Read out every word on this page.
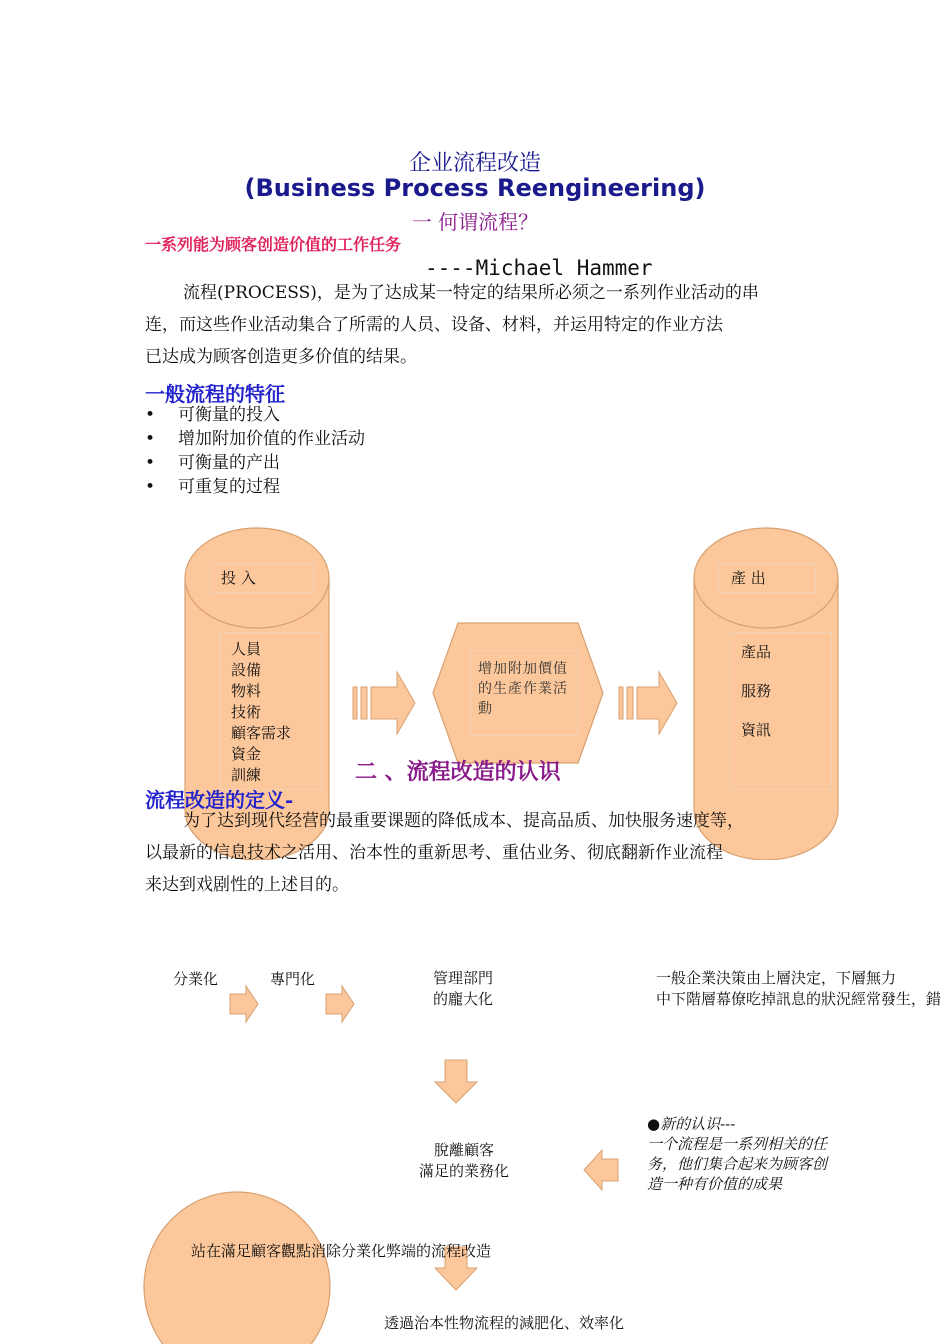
企业流程改造
(Business Process Reengineering)
一 何谓流程？
一系列能为顾客创造价值的工作任务
----Michael Hammer
流程(PROCESS)，是为了达成某一特定的结果所必须之一系列作业活动的串
连，而这些作业活动集合了所需的人员、设备、材料，并运用特定的作业方法
已达成为顾客创造更多价值的结果。
一般流程的特征
• 可衡量的投入
• 增加附加价值的作业活动
• 可衡量的产出
• 可重复的过程
投 入
人員
設備
物料
技術
顧客需求
資金
訓練
增加附加價值的生產作業活動
產 出
產品
服務
資訊
二 、流程改造的认识
流程改造的定义-
为了达到现代经营的最重要课题的降低成本、提高品质、加快服务速度等，
以最新的信息技术之活用、治本性的重新思考、重估业务、彻底翻新作业流程
来达到戏剧性的上述目的。
分業化	專門化	管理部門
的龐大化
一般企業決策由上層決定，下層無力
中下階層幕僚吃掉訊息的狀況經常發生，錯
脫離顧客
滿足的業務化
●新的认识---
一个流程是一系列相关的任
务，他们集合起来为顾客创
造一种有价值的成果
站在滿足顧客觀點消除分業化弊端的流程改造
透過治本性物流程的減肥化、效率化
